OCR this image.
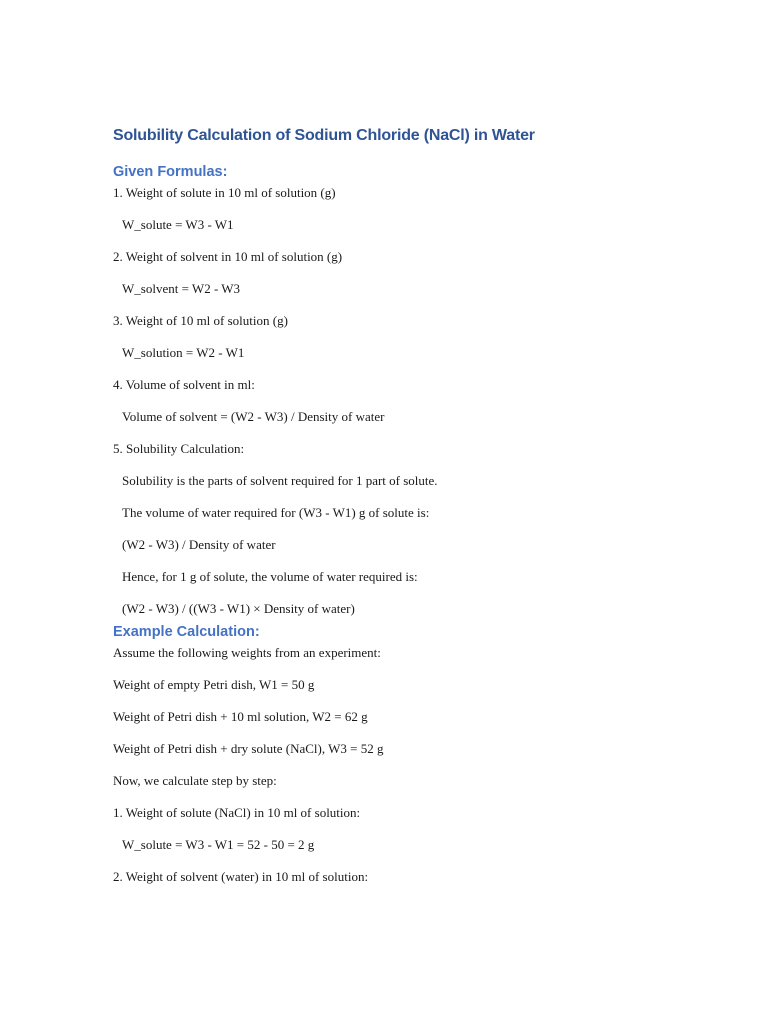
Solubility Calculation of Sodium Chloride (NaCl) in Water
Given Formulas:

1. Weight of solute in 10 ml of solution (g)

W_solute = W3 - W1

2. Weight of solvent in 10 ml of solution (g)

W_solvent = W2 - W3

3. Weight of 10 ml of solution (g)

W_solution = W2 - W1

4. Volume of solvent in ml:

Volume of solvent = (W2 - W3) / Density of water

5. Solubility Calculation:

Solubility is the parts of solvent required for 1 part of solute.

The volume of water required for (W3 - W1) g of solute is:

(W2 - W3) / Density of water

Hence, for 1 g of solute, the volume of water required is:

(W2 - W3) / ((W3 - W1) × Density of water)

Example Calculation:

Assume the following weights from an experiment:

Weight of empty Petri dish, W1 = 50 g

Weight of Petri dish + 10 ml solution, W2 = 62 g

Weight of Petri dish + dry solute (NaCl), W3 = 52 g

Now, we calculate step by step:

1. Weight of solute (NaCl) in 10 ml of solution:

W_solute = W3 - W1 = 52 - 50 = 2 g

2. Weight of solvent (water) in 10 ml of solution:
